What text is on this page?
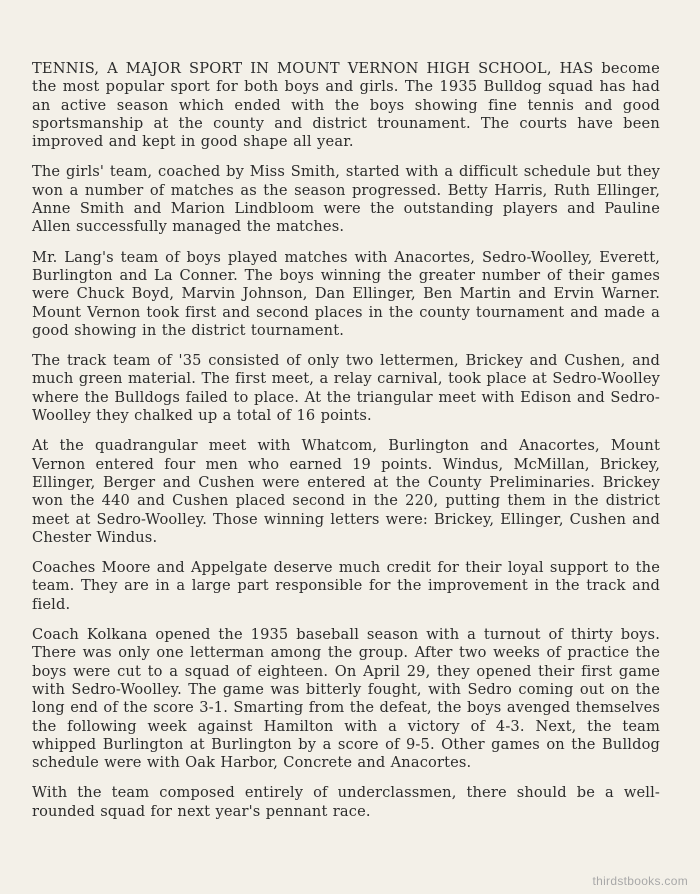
TENNIS, A MAJOR SPORT IN MOUNT VERNON HIGH SCHOOL, HAS become the most popular sport for both boys and girls. The 1935 Bulldog squad has had an active season which ended with the boys showing fine tennis and good sportsmanship at the county and district trounament. The courts have been improved and kept in good shape all year.

The girls' team, coached by Miss Smith, started with a difficult schedule but they won a number of matches as the season progressed. Betty Harris, Ruth Ellinger, Anne Smith and Marion Lindbloom were the outstanding players and Pauline Allen successfully managed the matches.

Mr. Lang's team of boys played matches with Anacortes, Sedro-Woolley, Everett, Burlington and La Conner. The boys winning the greater number of their games were Chuck Boyd, Marvin Johnson, Dan Ellinger, Ben Martin and Ervin Warner. Mount Vernon took first and second places in the county tournament and made a good showing in the district tournament.

The track team of '35 consisted of only two lettermen, Brickey and Cushen, and much green material. The first meet, a relay carnival, took place at Sedro-Woolley where the Bulldogs failed to place. At the triangular meet with Edison and Sedro-Woolley they chalked up a total of 16 points.

At the quadrangular meet with Whatcom, Burlington and Anacortes, Mount Vernon entered four men who earned 19 points. Windus, McMillan, Brickey, Ellinger, Berger and Cushen were entered at the County Preliminaries. Brickey won the 440 and Cushen placed second in the 220, putting them in the district meet at Sedro-Woolley. Those winning letters were: Brickey, Ellinger, Cushen and Chester Windus.

Coaches Moore and Appelgate deserve much credit for their loyal support to the team. They are in a large part responsible for the improvement in the track and field.

Coach Kolkana opened the 1935 baseball season with a turnout of thirty boys. There was only one letterman among the group. After two weeks of practice the boys were cut to a squad of eighteen. On April 29, they opened their first game with Sedro-Woolley. The game was bitterly fought, with Sedro coming out on the long end of the score 3-1. Smarting from the defeat, the boys avenged themselves the following week against Hamilton with a victory of 4-3. Next, the team whipped Burlington at Burlington by a score of 9-5. Other games on the Bulldog schedule were with Oak Harbor, Concrete and Anacortes.

With the team composed entirely of underclassmen, there should be a well-rounded squad for next year's pennant race.

thirdstbooks.com
